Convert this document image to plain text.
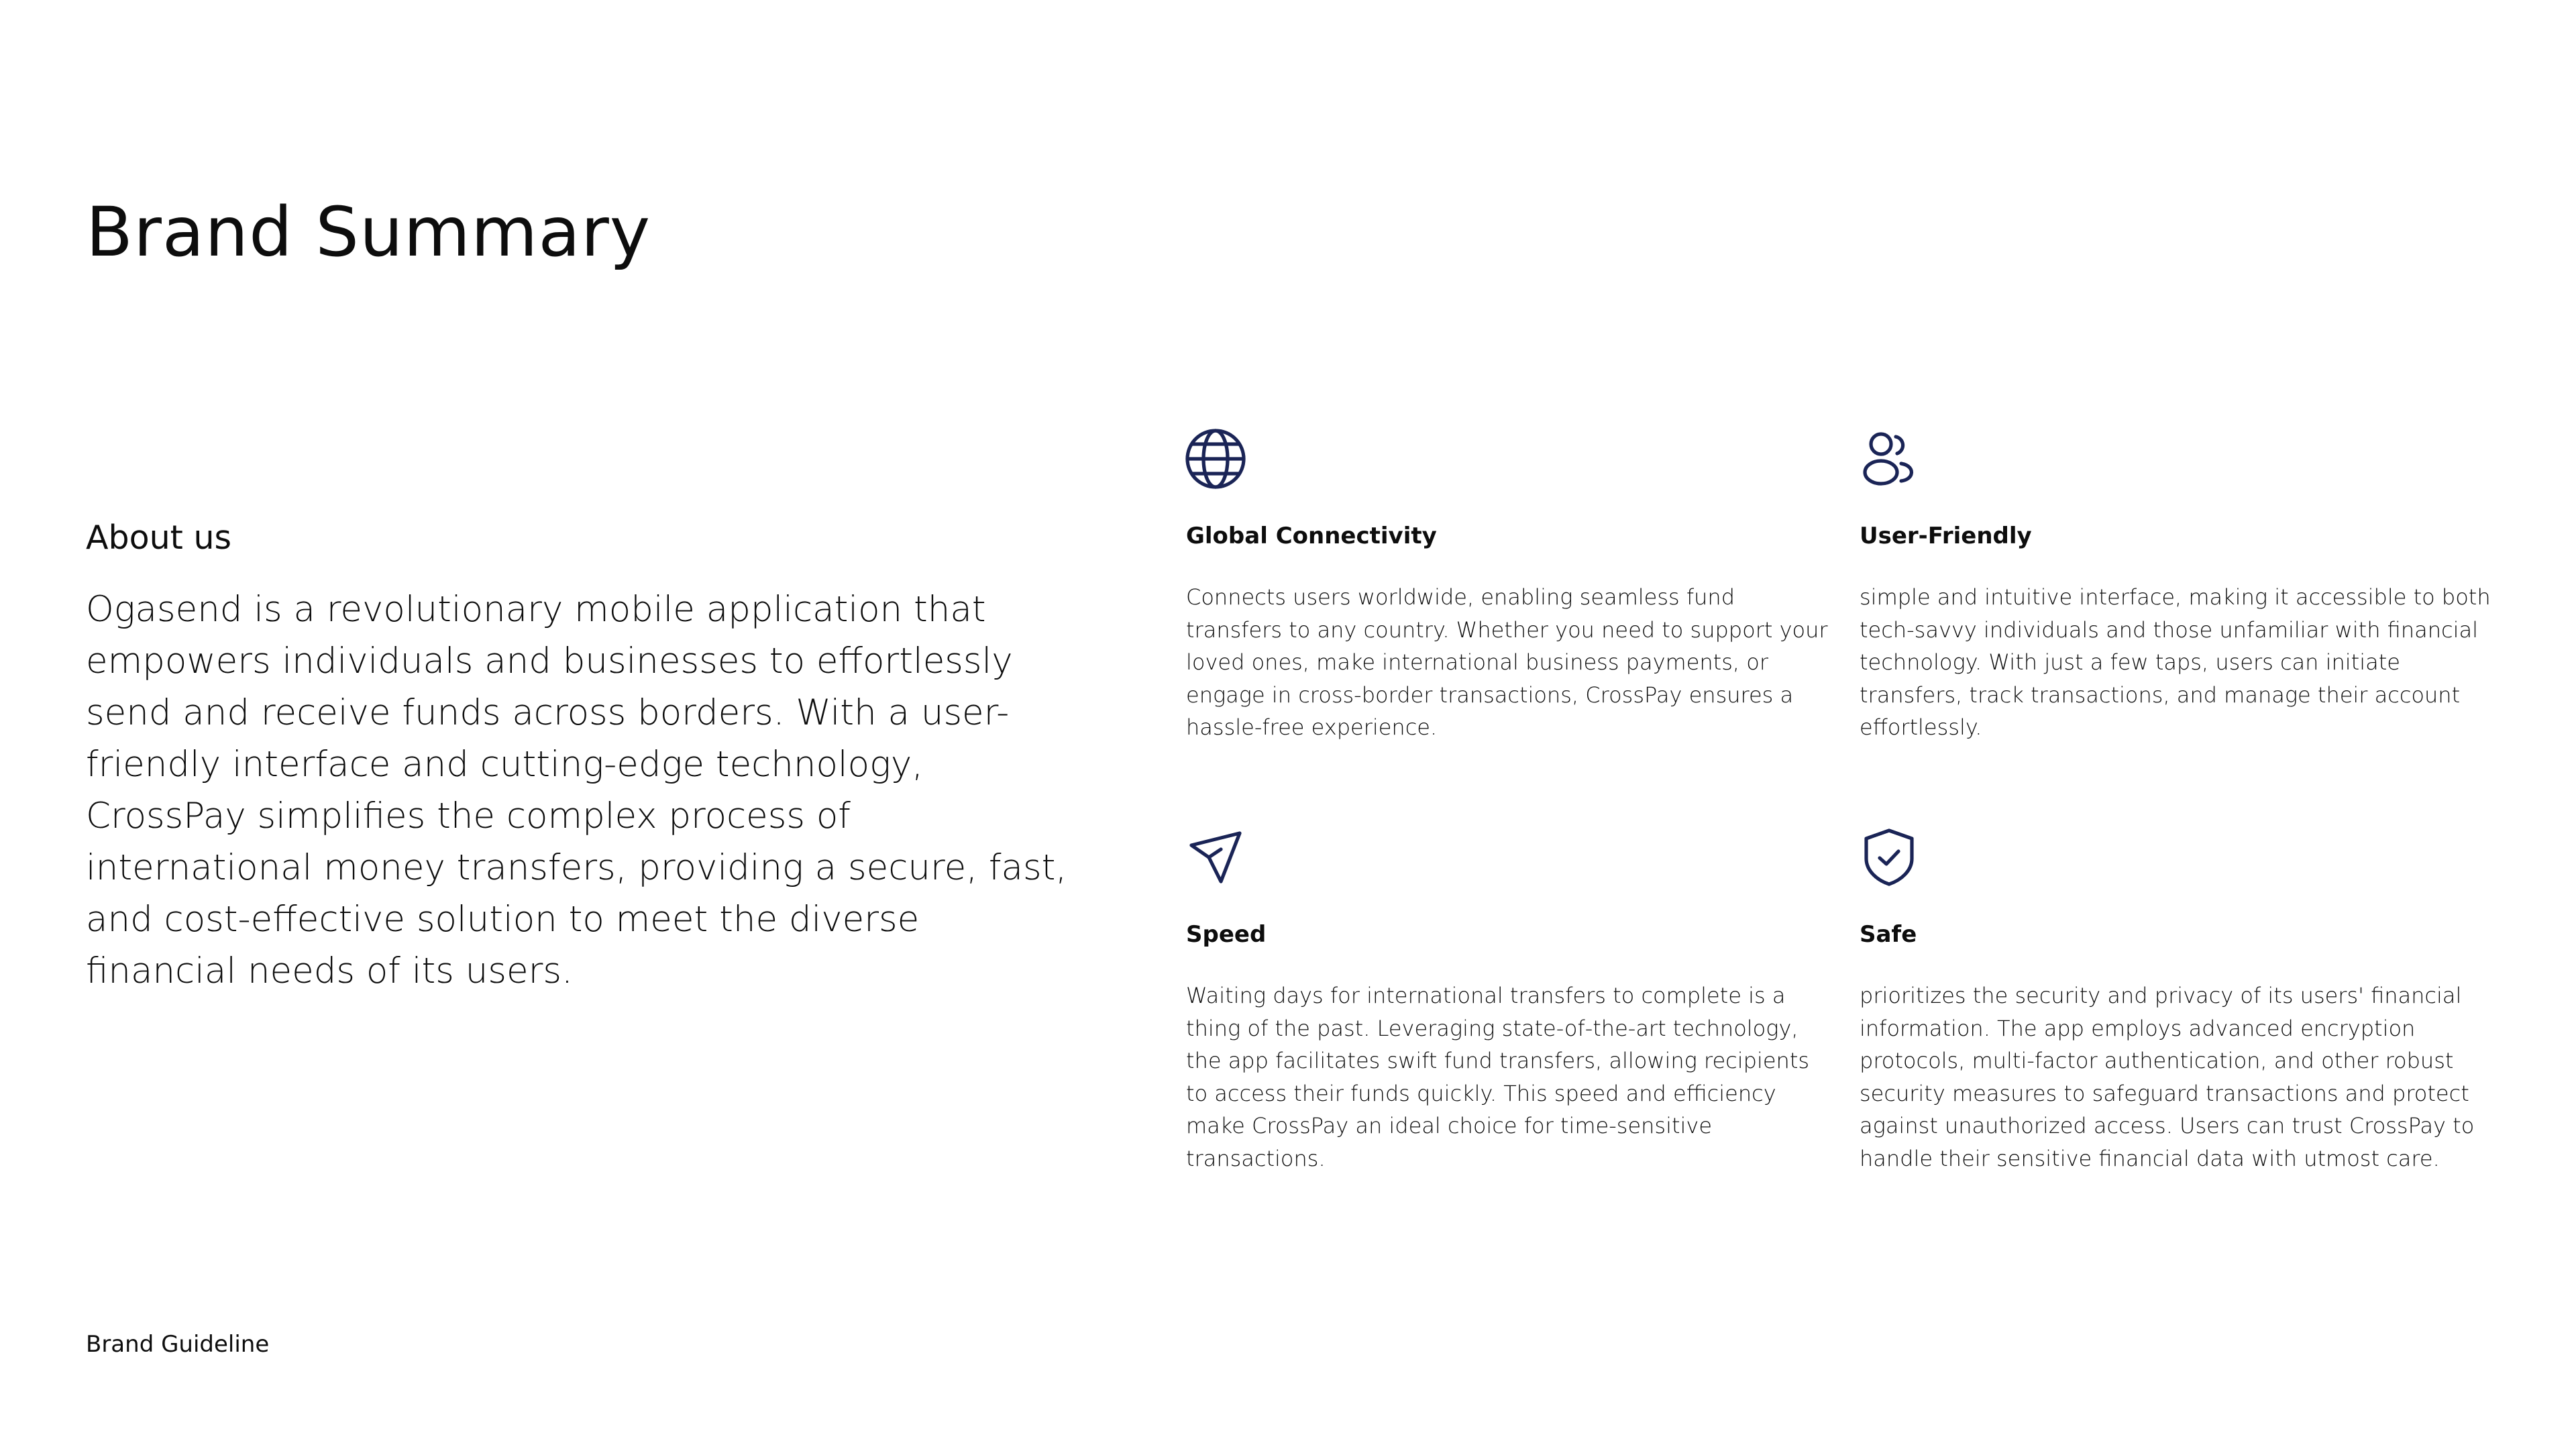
Brand Summary
About us

Ogasend is a revolutionary mobile application that empowers individuals and businesses to effortlessly send and receive funds across borders. With a user-friendly interface and cutting-edge technology, CrossPay simplifies the complex process of international money transfers, providing a secure, fast, and cost-effective solution to meet the diverse financial needs of its users.

Global Connectivity

Connects users worldwide, enabling seamless fund transfers to any country. Whether you need to support your loved ones, make international business payments, or engage in cross-border transactions, CrossPay ensures a hassle-free experience.

User-Friendly

simple and intuitive interface, making it accessible to both tech-savvy individuals and those unfamiliar with financial technology. With just a few taps, users can initiate transfers, track transactions, and manage their account effortlessly.

Speed

Waiting days for international transfers to complete is a thing of the past. Leveraging state-of-the-art technology, the app facilitates swift fund transfers, allowing recipients to access their funds quickly. This speed and efficiency make CrossPay an ideal choice for time-sensitive transactions.

Safe

prioritizes the security and privacy of its users' financial information. The app employs advanced encryption protocols, multi-factor authentication, and other robust security measures to safeguard transactions and protect against unauthorized access. Users can trust CrossPay to handle their sensitive financial data with utmost care.

Brand Guideline
